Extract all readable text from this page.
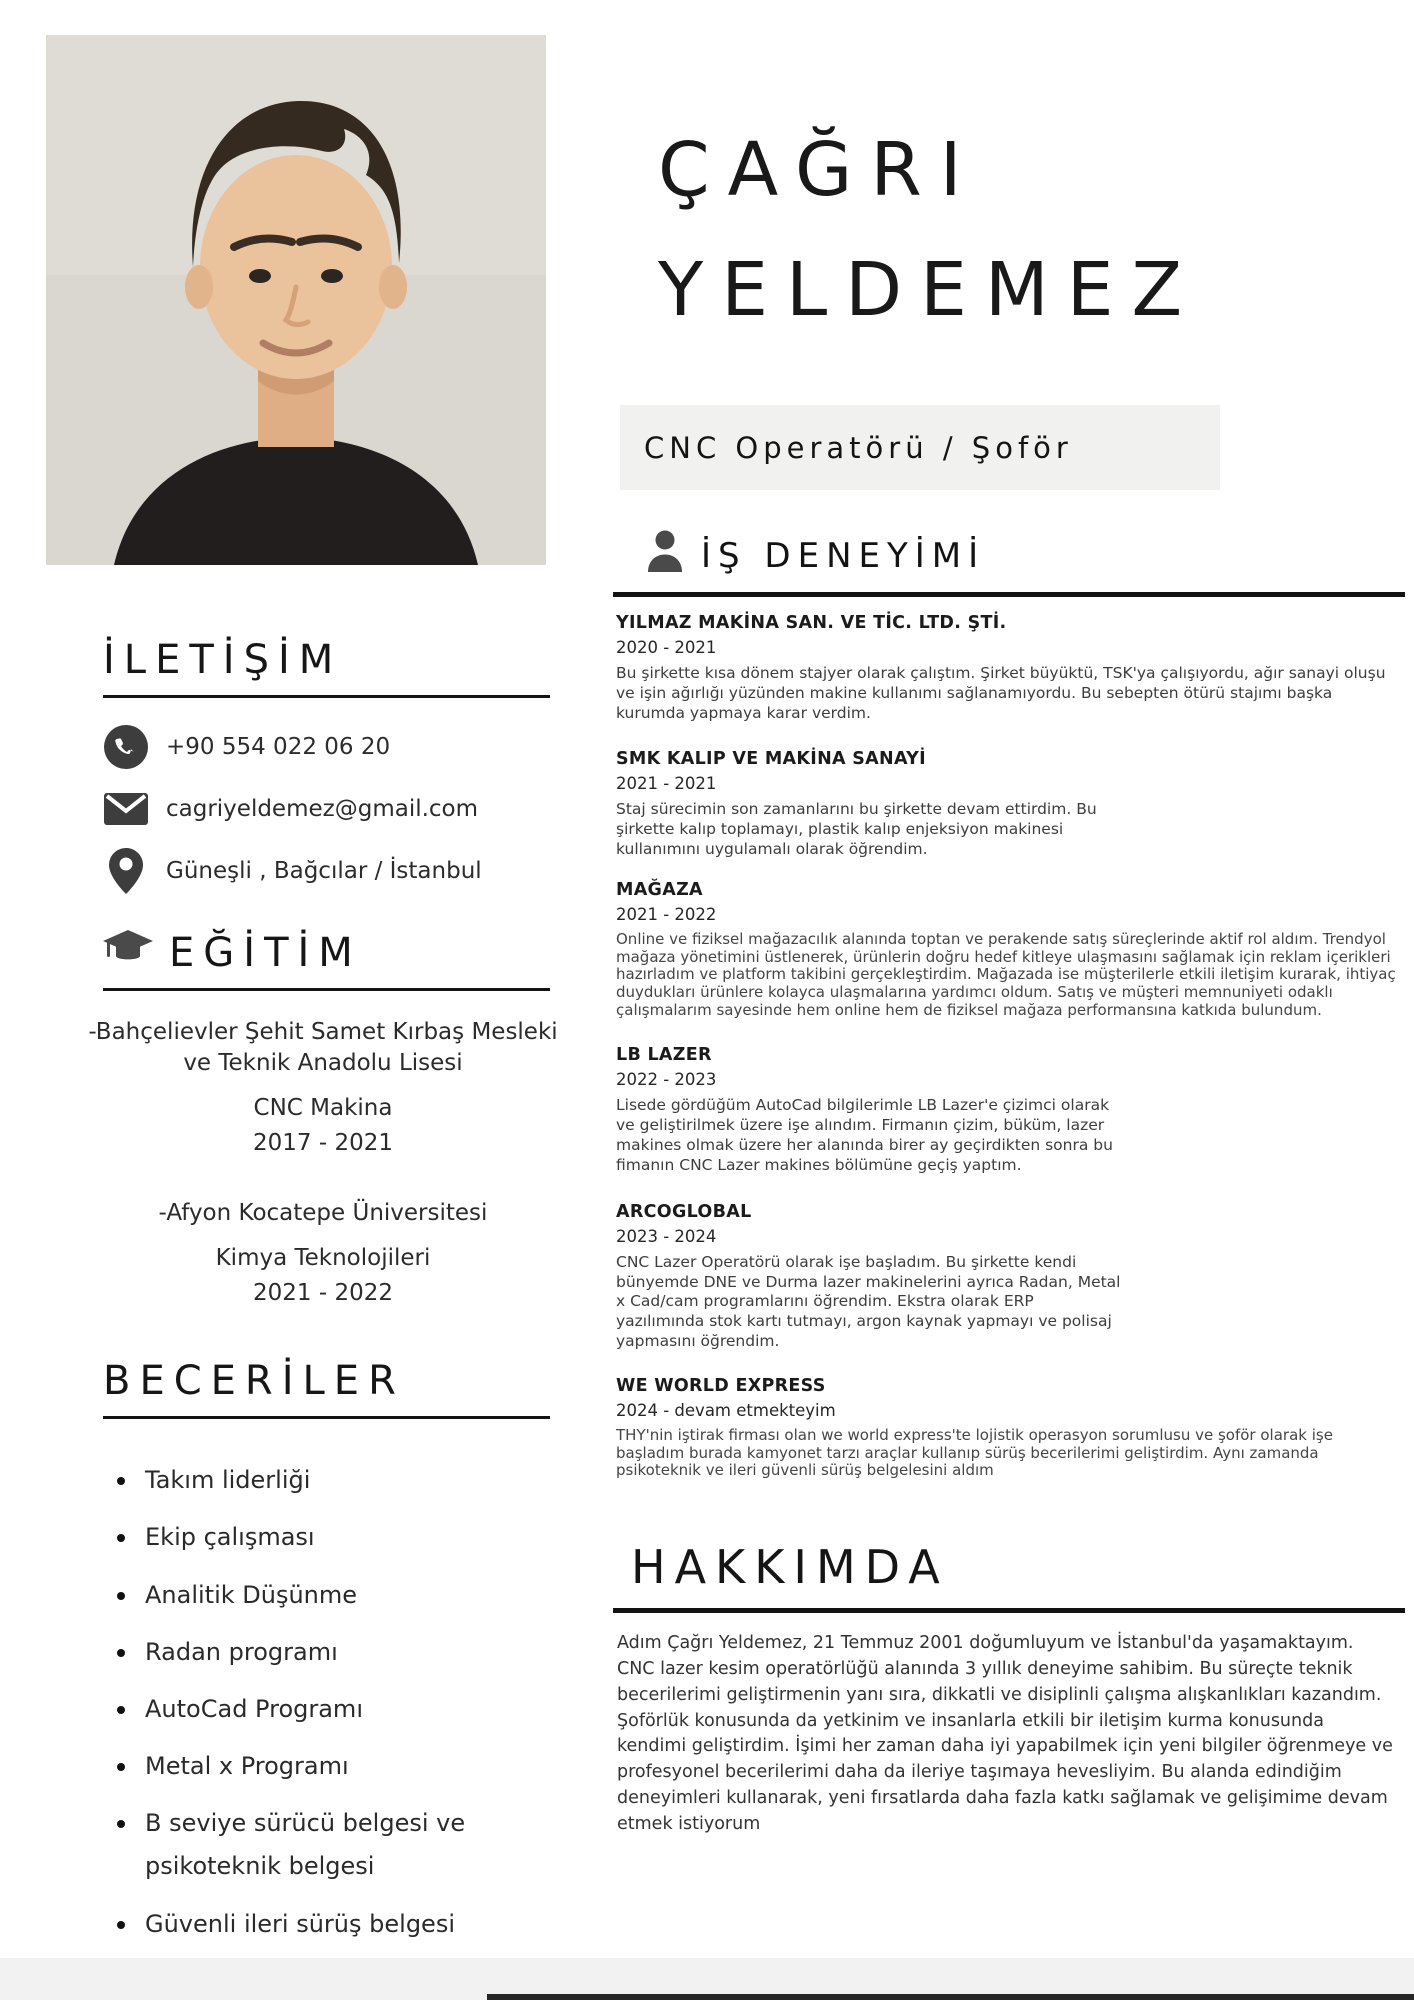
İLETİŞİM
+90 554 022 06 20
cagriyeldemez@gmail.com
Güneşli , Bağcılar / İstanbul
EĞİTİM
-Bahçelievler Şehit Samet Kırbaş Mesleki ve Teknik Anadolu Lisesi
CNC Makina
2017 - 2021
-Afyon Kocatepe Üniversitesi
Kimya Teknolojileri
2021 - 2022
BECERİLER
Takım liderliği
Ekip çalışması
Analitik Düşünme
Radan programı
AutoCad Programı
Metal x Programı
B seviye sürücü belgesi ve psikoteknik belgesi
Güvenli ileri sürüş belgesi
ÇAĞRI
YELDEMEZ
CNC Operatörü / Şoför
İŞ DENEYİMİ
YILMAZ MAKİNA SAN. VE TİC. LTD. ŞTİ.
2020 - 2021

Bu şirkette kısa dönem stajyer olarak çalıştım. Şirket büyüktü, TSK'ya çalışıyordu, ağır sanayi oluşu ve işin ağırlığı yüzünden makine kullanımı sağlanamıyordu. Bu sebepten ötürü stajımı başka kurumda yapmaya karar verdim.

SMK KALIP VE MAKİNA SANAYİ
2021 - 2021

Staj sürecimin son zamanlarını bu şirkette devam ettirdim. Bu şirkette kalıp toplamayı, plastik kalıp enjeksiyon makinesi kullanımını uygulamalı olarak öğrendim.

MAĞAZA
2021 - 2022

Online ve fiziksel mağazacılık alanında toptan ve perakende satış süreçlerinde aktif rol aldım. Trendyol mağaza yönetimini üstlenerek, ürünlerin doğru hedef kitleye ulaşmasını sağlamak için reklam içerikleri hazırladım ve platform takibini gerçekleştirdim. Mağazada ise müşterilerle etkili iletişim kurarak, ihtiyaç duydukları ürünlere kolayca ulaşmalarına yardımcı oldum. Satış ve müşteri memnuniyeti odaklı çalışmalarım sayesinde hem online hem de fiziksel mağaza performansına katkıda bulundum.

LB LAZER
2022 - 2023

Lisede gördüğüm AutoCad bilgilerimle LB Lazer'e çizimci olarak ve geliştirilmek üzere işe alındım. Firmanın çizim, büküm, lazer makines olmak üzere her alanında birer ay geçirdikten sonra bu fimanın CNC Lazer makines bölümüne geçiş yaptım.

ARCOGLOBAL
2023 - 2024

CNC Lazer Operatörü olarak işe başladım. Bu şirkette kendi bünyemde DNE ve Durma lazer makinelerini ayrıca Radan, Metal x Cad/cam programlarını öğrendim. Ekstra olarak ERP yazılımında stok kartı tutmayı, argon kaynak yapmayı ve polisaj yapmasını öğrendim.

WE WORLD EXPRESS
2024 - devam etmekteyim

THY'nin iştirak firması olan we world express'te lojistik operasyon sorumlusu ve şoför olarak işe başladım burada kamyonet tarzı araçlar kullanıp sürüş becerilerimi geliştirdim. Aynı zamanda psikoteknik ve ileri güvenli sürüş belgelesini aldım

HAKKIMDA

Adım Çağrı Yeldemez, 21 Temmuz 2001 doğumluyum ve İstanbul'da yaşamaktayım. CNC lazer kesim operatörlüğü alanında 3 yıllık deneyime sahibim. Bu süreçte teknik becerilerimi geliştirmenin yanı sıra, dikkatli ve disiplinli çalışma alışkanlıkları kazandım. Şoförlük konusunda da yetkinim ve insanlarla etkili bir iletişim kurma konusunda kendimi geliştirdim. İşimi her zaman daha iyi yapabilmek için yeni bilgiler öğrenmeye ve profesyonel becerilerimi daha da ileriye taşımaya hevesliyim. Bu alanda edindiğim deneyimleri kullanarak, yeni fırsatlarda daha fazla katkı sağlamak ve gelişimime devam etmek istiyorum
